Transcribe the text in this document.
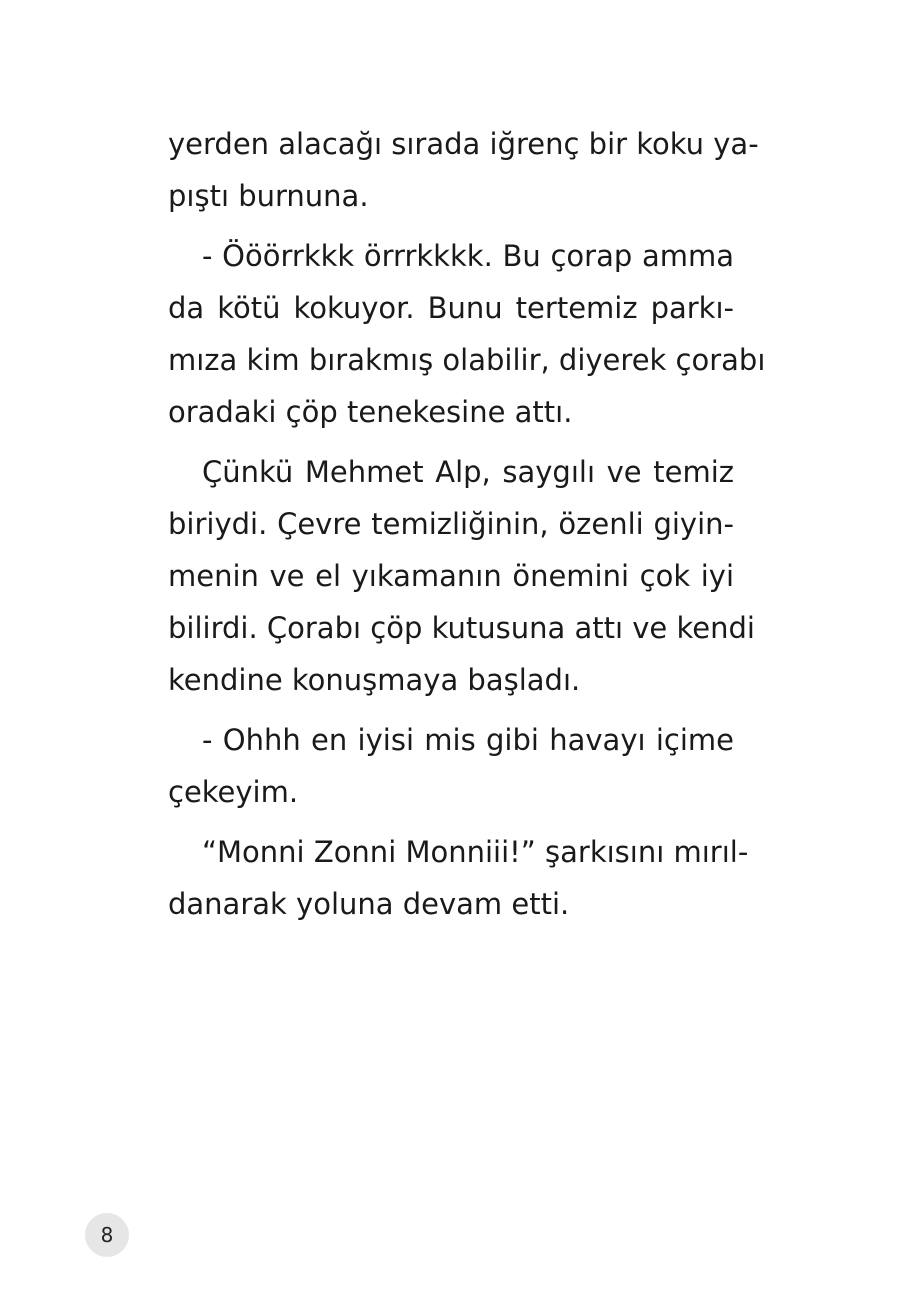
yerden alacağı sırada iğrenç bir koku ya-
pıştı burnuna.
- Ööörrkkk örrrkkkk. Bu çorap amma
da kötü kokuyor. Bunu tertemiz parkı-
mıza kim bırakmış olabilir, diyerek çorabı
oradaki çöp tenekesine attı.
Çünkü Mehmet Alp, saygılı ve temiz
biriydi. Çevre temizliğinin, özenli giyin-
menin ve el yıkamanın önemini çok iyi
bilirdi. Çorabı çöp kutusuna attı ve kendi
kendine konuşmaya başladı.
- Ohhh en iyisi mis gibi havayı içime
çekeyim.
“Monni Zonni Monniii!” şarkısını mırıl-
danarak yoluna devam etti.
8
